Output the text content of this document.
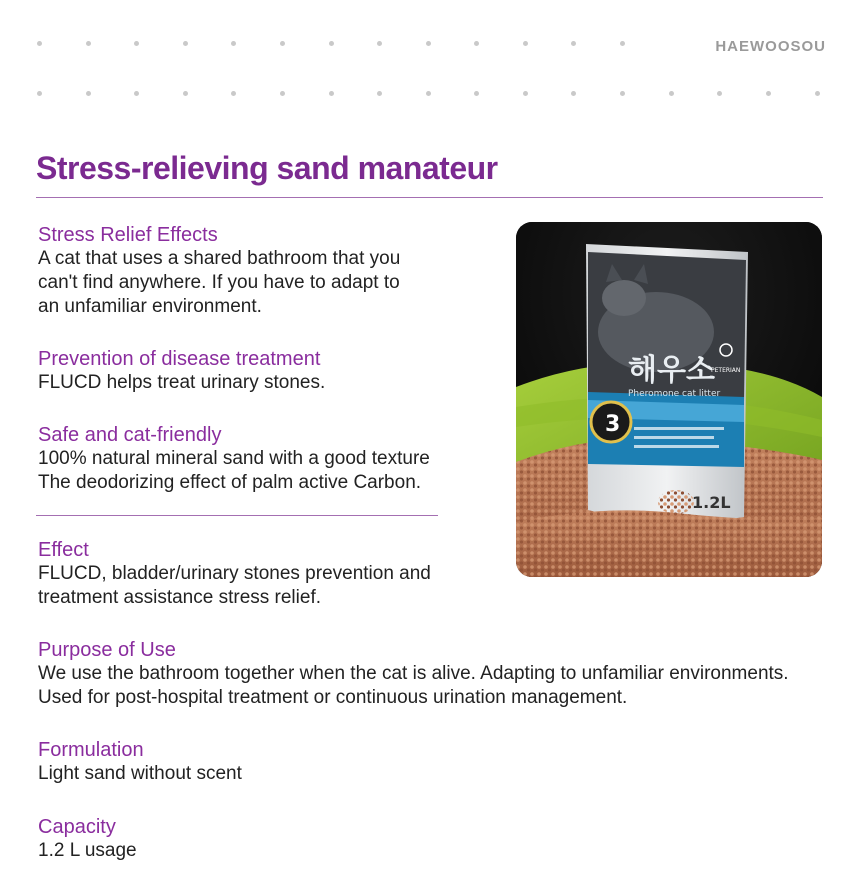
HAEWOOSOU
Stress-relieving sand manateur
Stress Relief Effects
A cat that uses a shared bathroom that you
can't find anywhere. If you have to adapt to
an unfamiliar environment.
Prevention of disease treatment
FLUCD helps treat urinary stones.
Safe and cat-friendly
100% natural mineral sand with a good texture
The deodorizing effect of palm active Carbon.
Effect
FLUCD, bladder/urinary stones prevention and
treatment assistance stress relief.
Purpose of Use
We use the bathroom together when the cat is alive. Adapting to unfamiliar environments.
Used for post-hospital treatment or continuous urination management.
Formulation
Light sand without scent
Capacity
1.2 L usage
3
해우소
Pheromone cat litter
PETERIAN
1.2L
